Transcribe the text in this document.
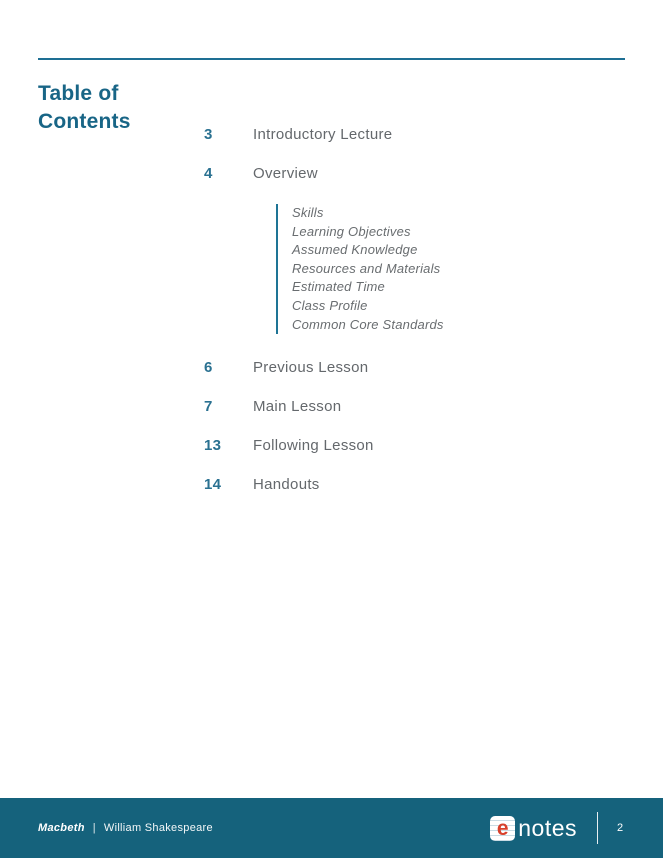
Table of Contents
3	Introductory Lecture
4	Overview
Skills
Learning Objectives
Assumed Knowledge
Resources and Materials
Estimated Time
Class Profile
Common Core Standards
6	Previous Lesson
7	Main Lesson
13	Following Lesson
14	Handouts
Macbeth | William Shakespeare	e notes	2
